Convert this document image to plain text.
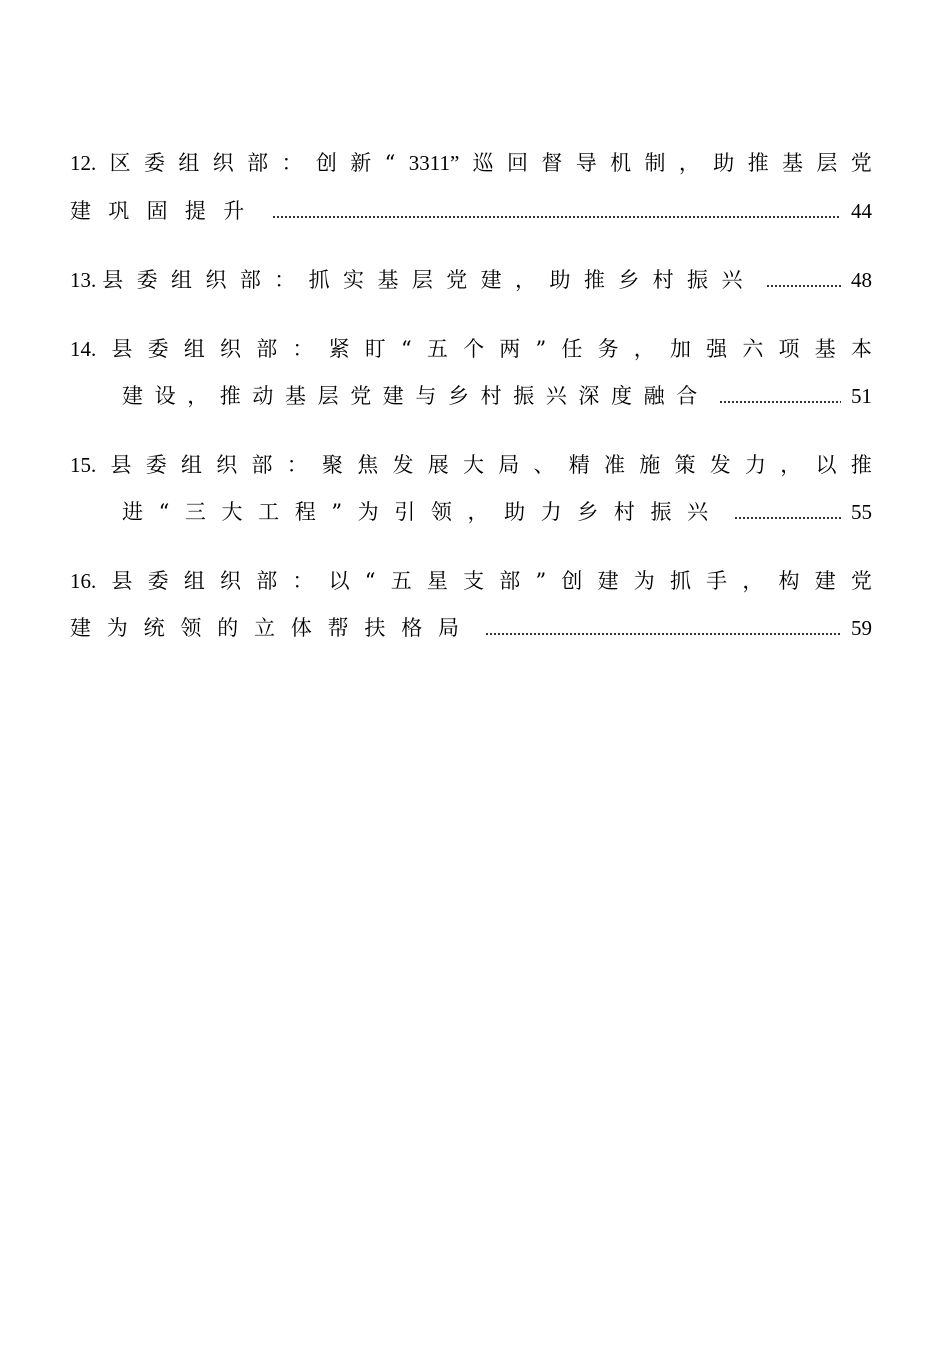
12. 区 委 组 织 部 ： 创 新 “ 3311” 巡 回 督 导 机 制 ， 助 推 基 层 党
建巩固提升	44
13. 县委组织部：抓实基层党建，助推乡村振兴	48
14. 县 委 组 织 部 ： 紧 盯 “ 五 个 两 ” 任 务 ， 加 强 六 项 基 本
建设，推动基层党建与乡村振兴深度融合	51
15. 县 委 组 织 部 ： 聚 焦 发 展 大 局 、 精 准 施 策 发 力 ， 以 推
进“三大工程”为引领，助力乡村振兴	55
16. 县 委 组 织 部 ： 以 “ 五 星 支 部 ” 创 建 为 抓 手 ， 构 建 党
建为统领的立体帮扶格局	59
